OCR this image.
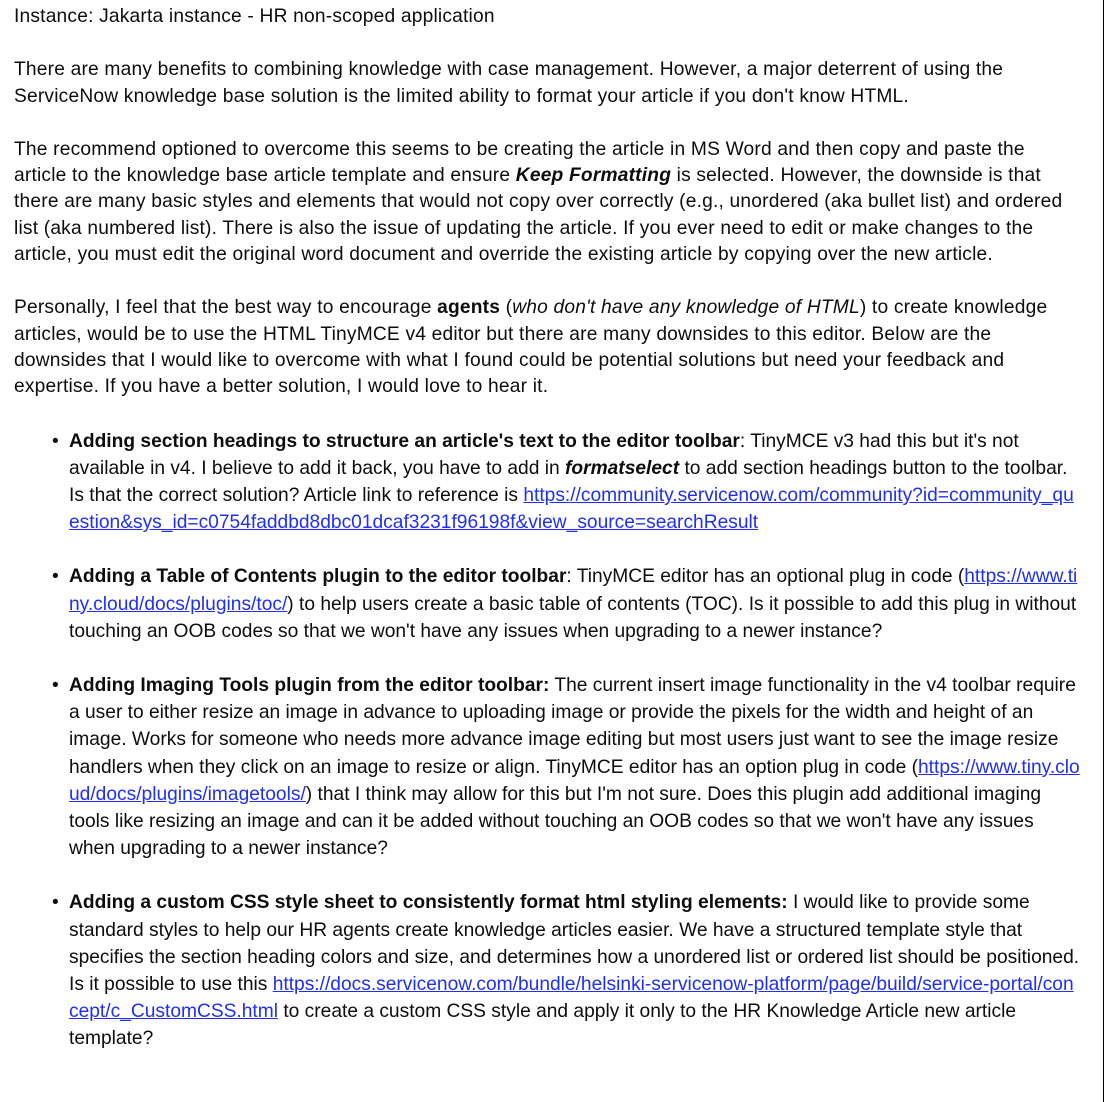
Instance: Jakarta instance - HR non-scoped application

There are many benefits to combining knowledge with case management. However, a major deterrent of using the ServiceNow knowledge base solution is the limited ability to format your article if you don't know HTML.

The recommend optioned to overcome this seems to be creating the article in MS Word and then copy and paste the article to the knowledge base article template and ensure Keep Formatting is selected. However, the downside is that there are many basic styles and elements that would not copy over correctly (e.g., unordered (aka bullet list) and ordered list (aka numbered list). There is also the issue of updating the article. If you ever need to edit or make changes to the article, you must edit the original word document and override the existing article by copying over the new article.

Personally, I feel that the best way to encourage agents (who don't have any knowledge of HTML) to create knowledge articles, would be to use the HTML TinyMCE v4 editor but there are many downsides to this editor. Below are the downsides that I would like to overcome with what I found could be potential solutions but need your feedback and expertise. If you have a better solution, I would love to hear it.

• Adding section headings to structure an article's text to the editor toolbar: TinyMCE v3 had this but it's not available in v4. I believe to add it back, you have to add in formatselect to add section headings button to the toolbar. Is that the correct solution? Article link to reference is https://community.servicenow.com/community?id=community_question&sys_id=c0754faddbd8dbc01dcaf3231f96198f&view_source=searchResult
• Adding a Table of Contents plugin to the editor toolbar: TinyMCE editor has an optional plug in code (https://www.tiny.cloud/docs/plugins/toc/) to help users create a basic table of contents (TOC). Is it possible to add this plug in without touching an OOB codes so that we won't have any issues when upgrading to a newer instance?
• Adding Imaging Tools plugin from the editor toolbar: The current insert image functionality in the v4 toolbar require a user to either resize an image in advance to uploading image or provide the pixels for the width and height of an image. Works for someone who needs more advance image editing but most users just want to see the image resize handlers when they click on an image to resize or align. TinyMCE editor has an option plug in code (https://www.tiny.cloud/docs/plugins/imagetools/) that I think may allow for this but I'm not sure. Does this plugin add additional imaging tools like resizing an image and can it be added without touching an OOB codes so that we won't have any issues when upgrading to a newer instance?
• Adding a custom CSS style sheet to consistently format html styling elements: I would like to provide some standard styles to help our HR agents create knowledge articles easier. We have a structured template style that specifies the section heading colors and size, and determines how a unordered list or ordered list should be positioned. Is it possible to use this https://docs.servicenow.com/bundle/helsinki-servicenow-platform/page/build/service-portal/concept/c_CustomCSS.html to create a custom CSS style and apply it only to the HR Knowledge Article new article template?
